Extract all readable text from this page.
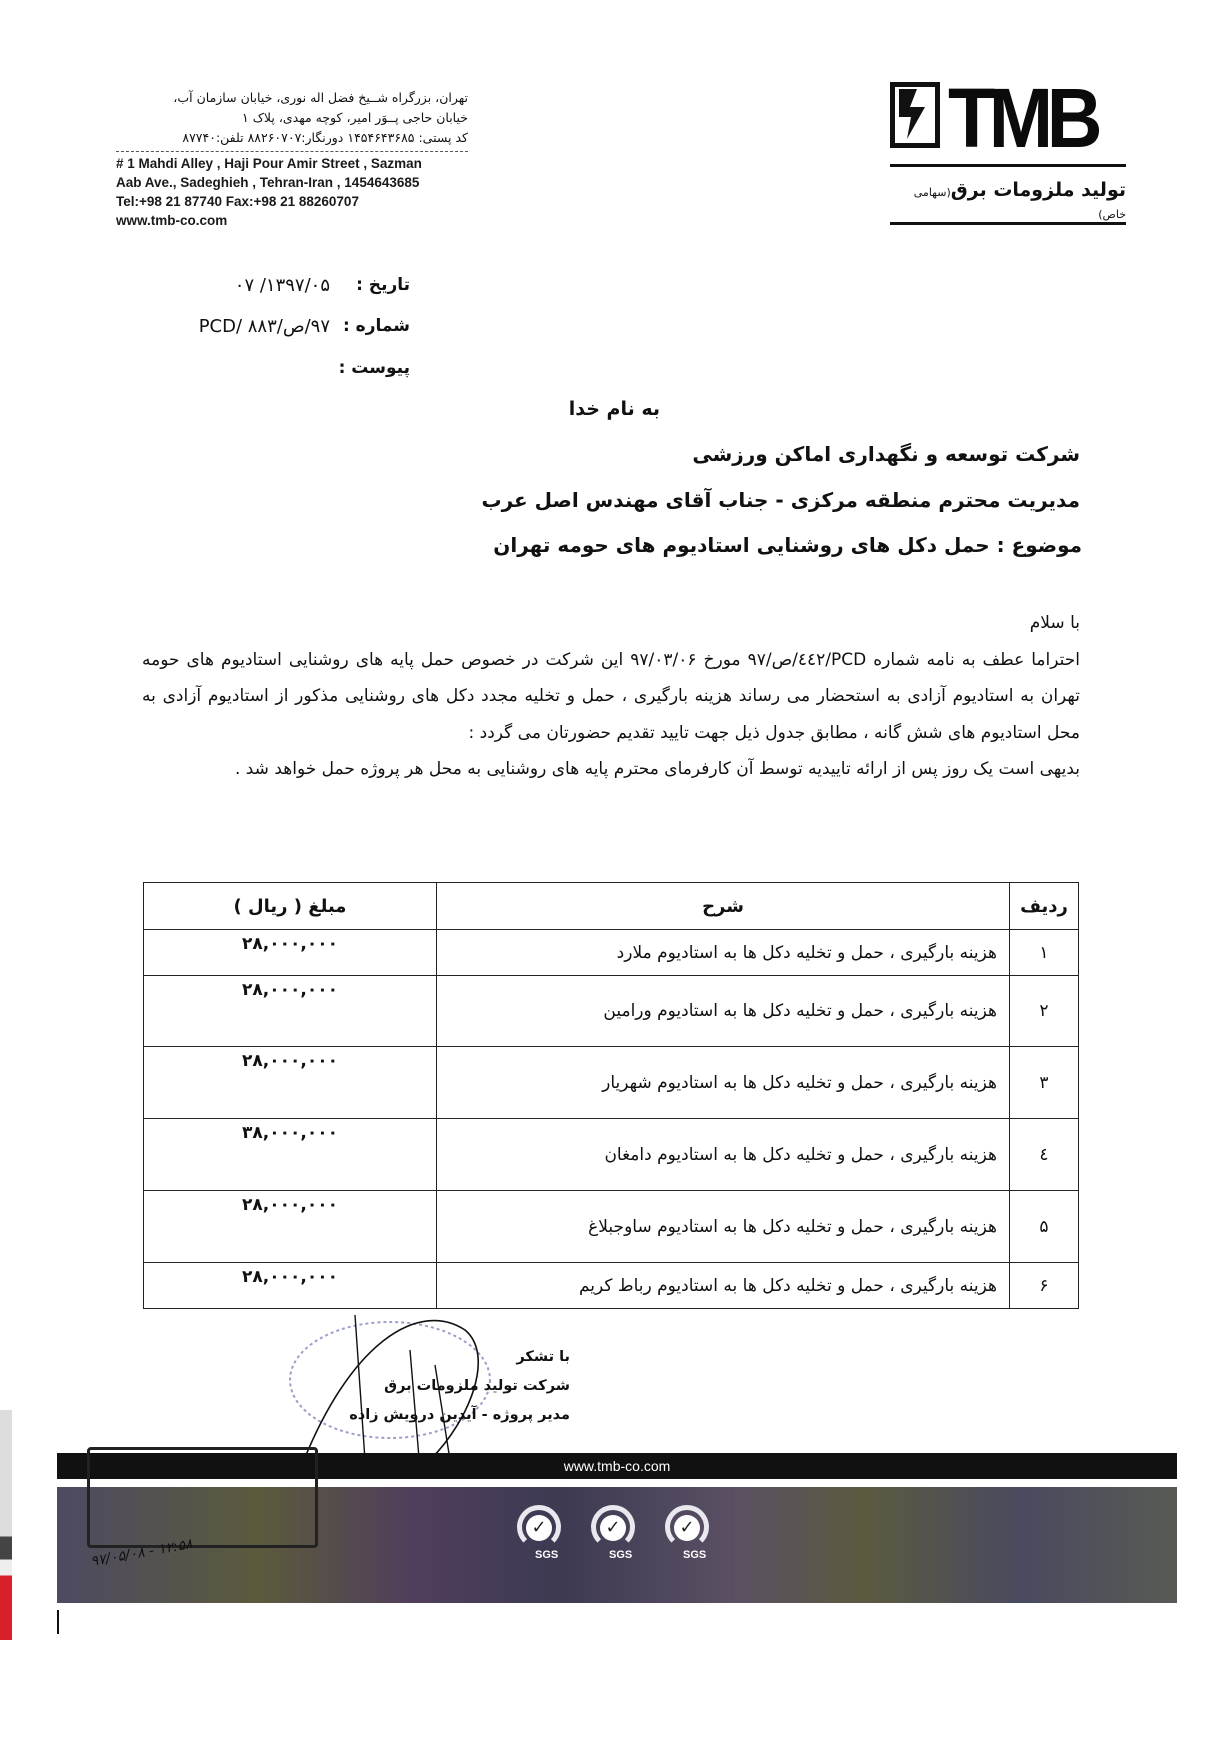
تهران، بزرگراه شــیخ فضل اله نوری، خیابان سازمان آب،
خیابان حاجی پــوَر امیر، کوچه مهدی، پلاک ۱
کد پستی: ۱۴۵۴۶۴۳۶۸۵ دورنگار:۸۸۲۶۰۷۰۷ تلفن:۸۷۷۴۰
# 1 Mahdi Alley , Haji Pour Amir Street , Sazman
Aab Ave., Sadeghieh , Tehran-Iran , 1454643685
Tel:+98 21 87740 Fax:+98 21 88260707
www.tmb-co.com
TMB
تولید ملزومات برق(سهامی خاص)
تاریخ :
۱۳۹۷/۰۵/ ۰۷
شماره :
۹۷/ص/PCD/ ۸۸۳
پیوست :
به نام خدا
شرکت توسعه و نگهداری اماکن ورزشی
مدیریت محترم منطقه مرکزی - جناب آقای مهندس اصل عرب
موضوع : حمل دکل های روشنایی استادیوم های حومه تهران

با سلام

احتراما عطف به نامه شماره PCD/٤٤٢/ص/۹۷ مورخ ۹۷/۰۳/۰۶ این شرکت در خصوص حمل پایه های روشنایی استادیوم های حومه تهران به استادیوم آزادی به استحضار می رساند هزینه بارگیری ، حمل و تخلیه مجدد دکل های روشنایی مذکور از استادیوم آزادی به محل استادیوم های شش گانه ، مطابق جدول ذیل جهت تایید تقدیم حضورتان می گردد :

بدیهی است یک روز پس از ارائه تاییدیه توسط آن کارفرمای محترم پایه های روشنایی به محل هر پروژه حمل خواهد شد .

ردیف	شرح	مبلغ ( ریال )
۱	هزینه بارگیری ، حمل و تخلیه دکل ها به استادیوم ملارد	۲۸,۰۰۰,۰۰۰
۲	هزینه بارگیری ، حمل و تخلیه دکل ها به استادیوم ورامین	۲۸,۰۰۰,۰۰۰
۳	هزینه بارگیری ، حمل و تخلیه دکل ها به استادیوم شهریار	۲۸,۰۰۰,۰۰۰
٤	هزینه بارگیری ، حمل و تخلیه دکل ها به استادیوم دامغان	۳۸,۰۰۰,۰۰۰
۵	هزینه بارگیری ، حمل و تخلیه دکل ها به استادیوم ساوجبلاغ	۲۸,۰۰۰,۰۰۰
۶	هزینه بارگیری ، حمل و تخلیه دکل ها به استادیوم رباط کریم	۲۸,۰۰۰,۰۰۰
با تشکر
شرکت تولید ملزومات برق
مدیر پروژه - آیدین درویش زاده
www.tmb-co.com
✓
SGS
✓
SGS
✓
SGS
۹۷/۰۵/۰۸ - ۱۲:۵۸
